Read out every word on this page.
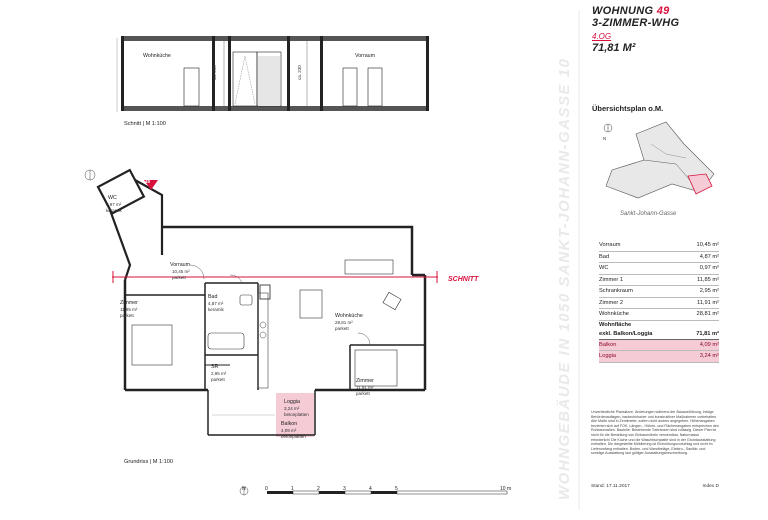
Wohnküche	Vorraum
ca. 250	ca. 230
Schnitt | M 1:100
49
SCHNITT
WC
0,97 m²
keramik
Vorraum
10,45 m²
parkett
Zimmer
11,85 m²
parkett
Bad
4,87 m²
keramik
SR
2,95 m²
parkett
Wohnküche
28,81 m²
parkett
Zimmer
11,91 m²
parkett
Loggia
3,24 m²
betonplatten
Balkon
4,09 m²
betonplatten
Grundriss | M 1:100
N	0	1	2	3	4	5	10 m	WOHNGEBÄUDE IN 1050 SANKT-JOHANN-GASSE 10
WOHNUNG 49
3-ZIMMER-WHG
4.OG
71,81 M²
Übersichtsplan o.M.
N
Sankt-Johann-Gasse
Vorraum	10,45 m²
Bad	4,87 m²
WC	0,97 m²
Zimmer 1	11,85 m²
Schrankraum	2,95 m²
Zimmer 2	11,91 m²
Wohnküche	28,81 m²
Wohnfläche	
exkl. Balkon/Loggia	71,81 m²
Balkon	4,09 m²
Loggia	3,24 m²
Unverbindliche Planskizze. Änderungen während der Bauausführung, infolge Behördenauflagen, bautechnischer und konstruktiver Maßnahmen vorbehalten. Alle Maße sind in Zentimeter, sofern nicht anders angegeben. Höhenangaben beziehen sich auf FOK. Längen-, Höhen- und Flächenangaben entsprechen den Rohbaumaßen. Bauteile: Bestehende Toleranzen sind zulässig. Dieser Plan ist nicht für die Bestellung von Einbaumöbeln verwendbar, Naturmasse erforderlich! Die Küche und die Waschtischplatte sind in der Grundausstattung enthalten. Die dargestellte Möblierung ist Einrichtungsvorschlag und nicht im Lieferumfang enthalten. Boden- und Wandbeläge, Elektro-, Sanitär- und sonstige Ausstattung laut gültiger Ausstattungsbeschreibung.
Stand: 17.11.2017	Index D
